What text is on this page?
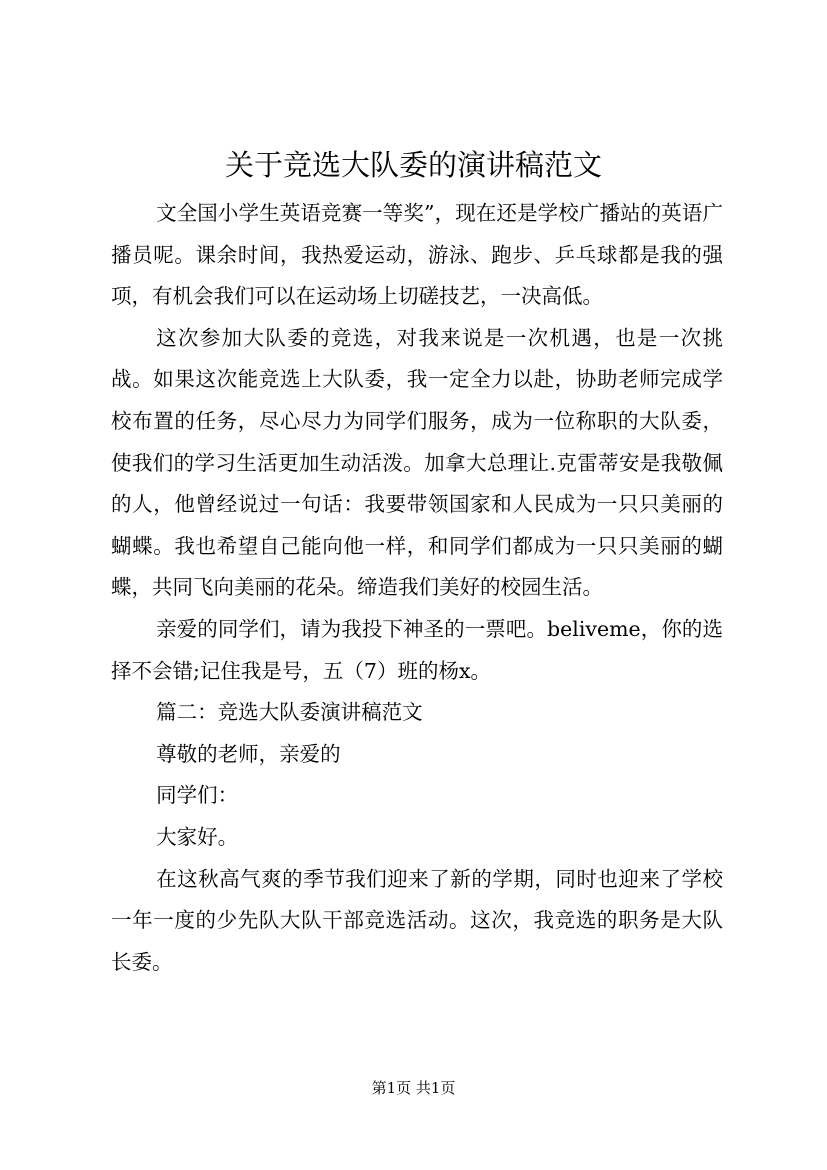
关于竞选大队委的演讲稿范文

文全国小学生英语竞赛一等奖”，现在还是学校广播站的英语广播员呢。课余时间，我热爱运动，游泳、跑步、乒乓球都是我的强项，有机会我们可以在运动场上切磋技艺，一决高低。

这次参加大队委的竞选，对我来说是一次机遇，也是一次挑战。如果这次能竞选上大队委，我一定全力以赴，协助老师完成学校布置的任务，尽心尽力为同学们服务，成为一位称职的大队委，使我们的学习生活更加生动活泼。加拿大总理让.克雷蒂安是我敬佩的人，他曾经说过一句话：我要带领国家和人民成为一只只美丽的蝴蝶。我也希望自己能向他一样，和同学们都成为一只只美丽的蝴蝶，共同飞向美丽的花朵。缔造我们美好的校园生活。

亲爱的同学们，请为我投下神圣的一票吧。beliveme，你的选择不会错;记住我是号，五（7）班的杨x。

篇二：竞选大队委演讲稿范文

尊敬的老师，亲爱的

同学们：

大家好。

在这秋高气爽的季节我们迎来了新的学期，同时也迎来了学校一年一度的少先队大队干部竞选活动。这次，我竞选的职务是大队长委。

第1页 共1页
